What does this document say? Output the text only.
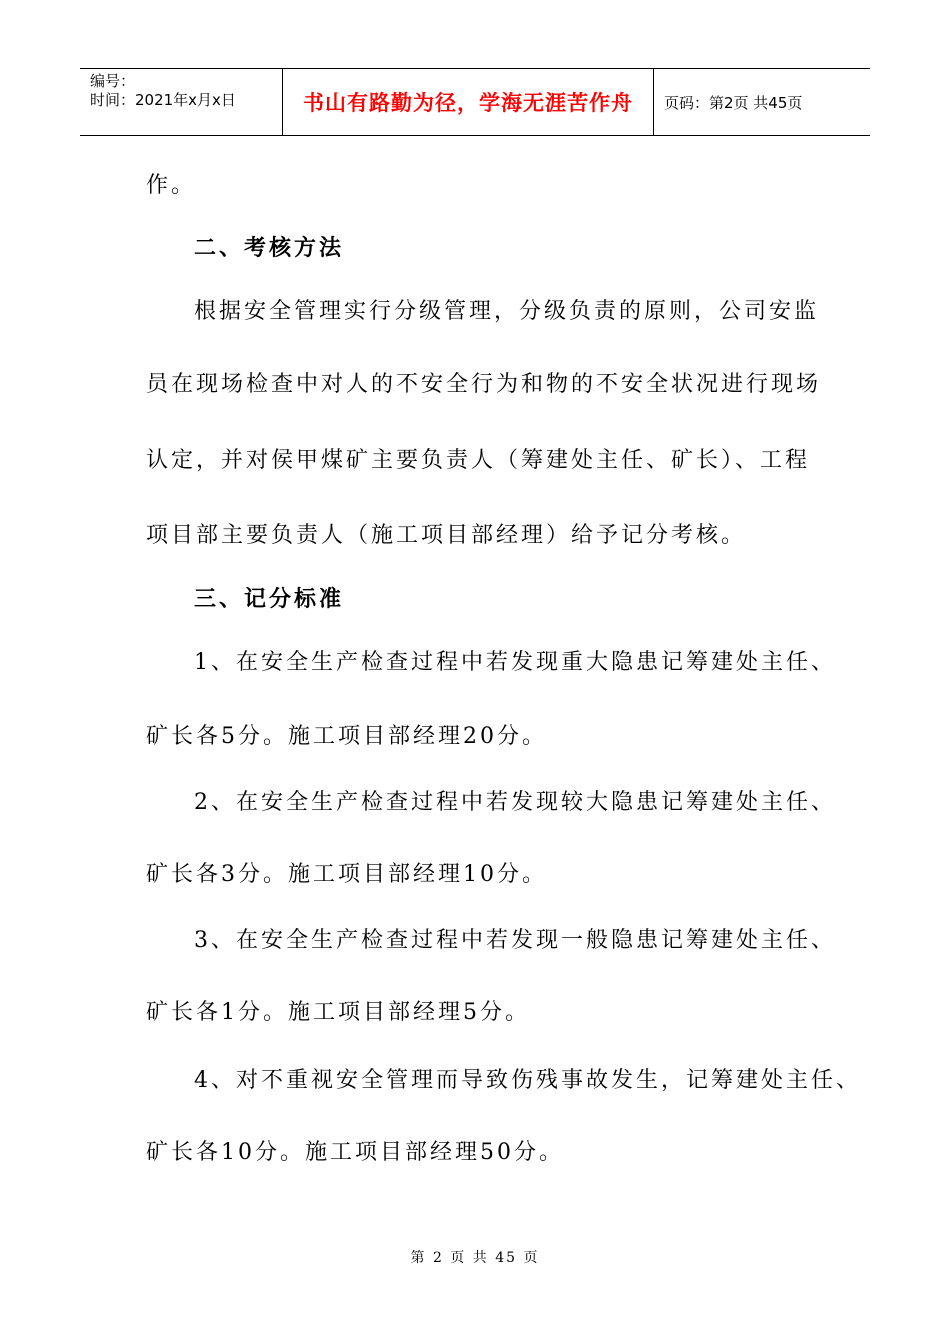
编号：
时间：2021年x月x日	书山有路勤为径，学海无涯苦作舟	页码：第2页 共45页
作。
二、考核方法
根据安全管理实行分级管理，分级负责的原则，公司安监
员在现场检查中对人的不安全行为和物的不安全状况进行现场
认定，并对侯甲煤矿主要负责人（筹建处主任、矿长）、工程
项目部主要负责人（施工项目部经理）给予记分考核。
三、记分标准
1、在安全生产检查过程中若发现重大隐患记筹建处主任、
矿长各5分。施工项目部经理20分。
2、在安全生产检查过程中若发现较大隐患记筹建处主任、
矿长各3分。施工项目部经理10分。
3、在安全生产检查过程中若发现一般隐患记筹建处主任、
矿长各1分。施工项目部经理5分。
4、对不重视安全管理而导致伤残事故发生，记筹建处主任、
矿长各10分。施工项目部经理50分。
第 2 页 共 45 页
